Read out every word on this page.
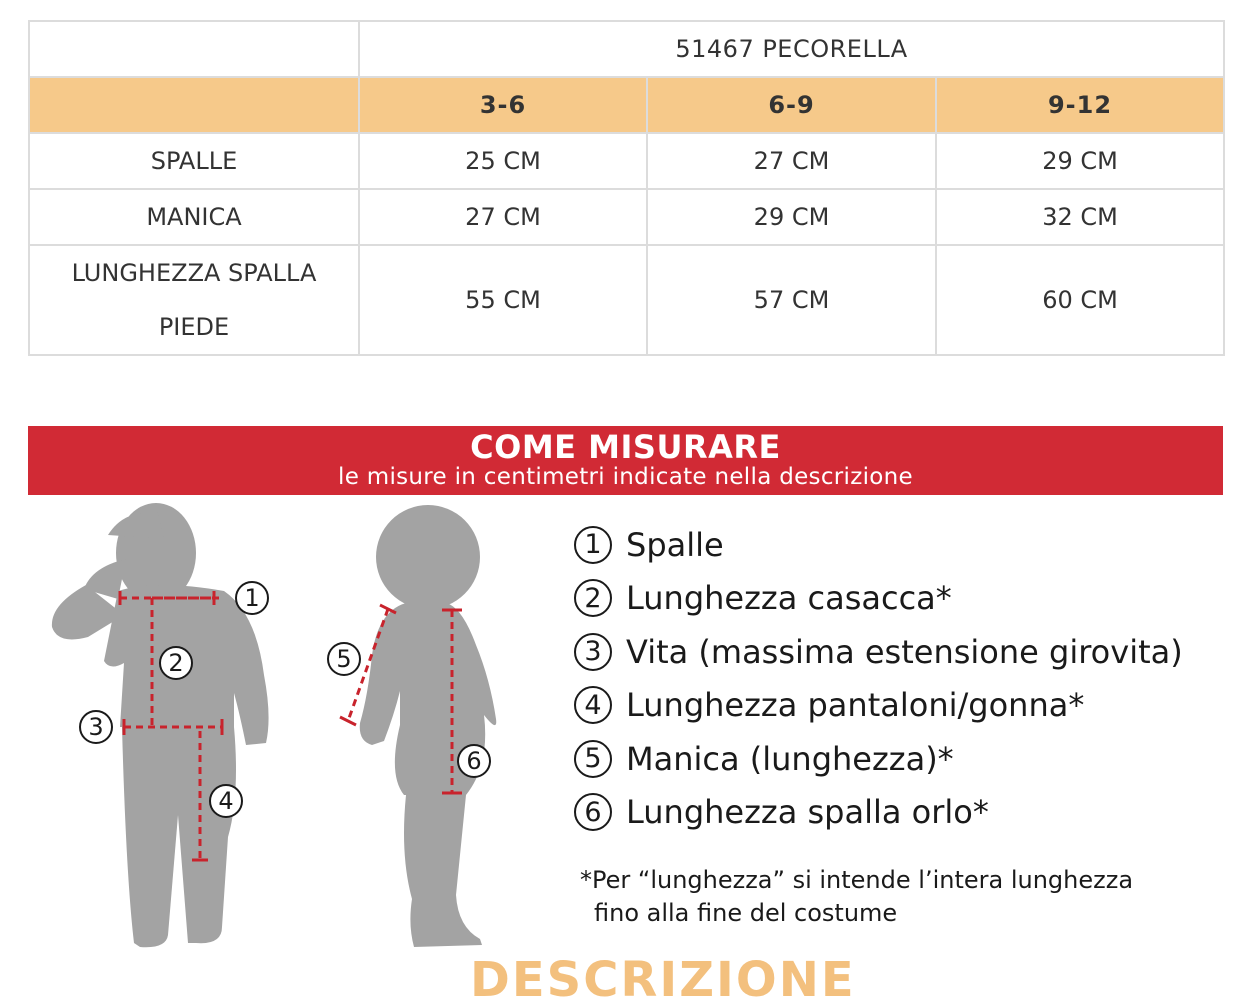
	51467 PECORELLA		
	3-6	6-9	9-12
SPALLE	25 CM	27 CM	29 CM
MANICA	27 CM	29 CM	32 CM
LUNGHEZZA SPALLA
PIEDE	55 CM	57 CM	60 CM
COME MISURARE
le misure in centimetri indicate nella descrizione
1
2
3
4
5
6
1 Spalle
2 Lunghezza casacca*
3 Vita (massima estensione girovita)
4 Lunghezza pantaloni/gonna*
5 Manica (lunghezza)*
6 Lunghezza spalla orlo*
*Per “lunghezza” si intende l’intera lunghezza
fino alla fine del costume
DESCRIZIONE
